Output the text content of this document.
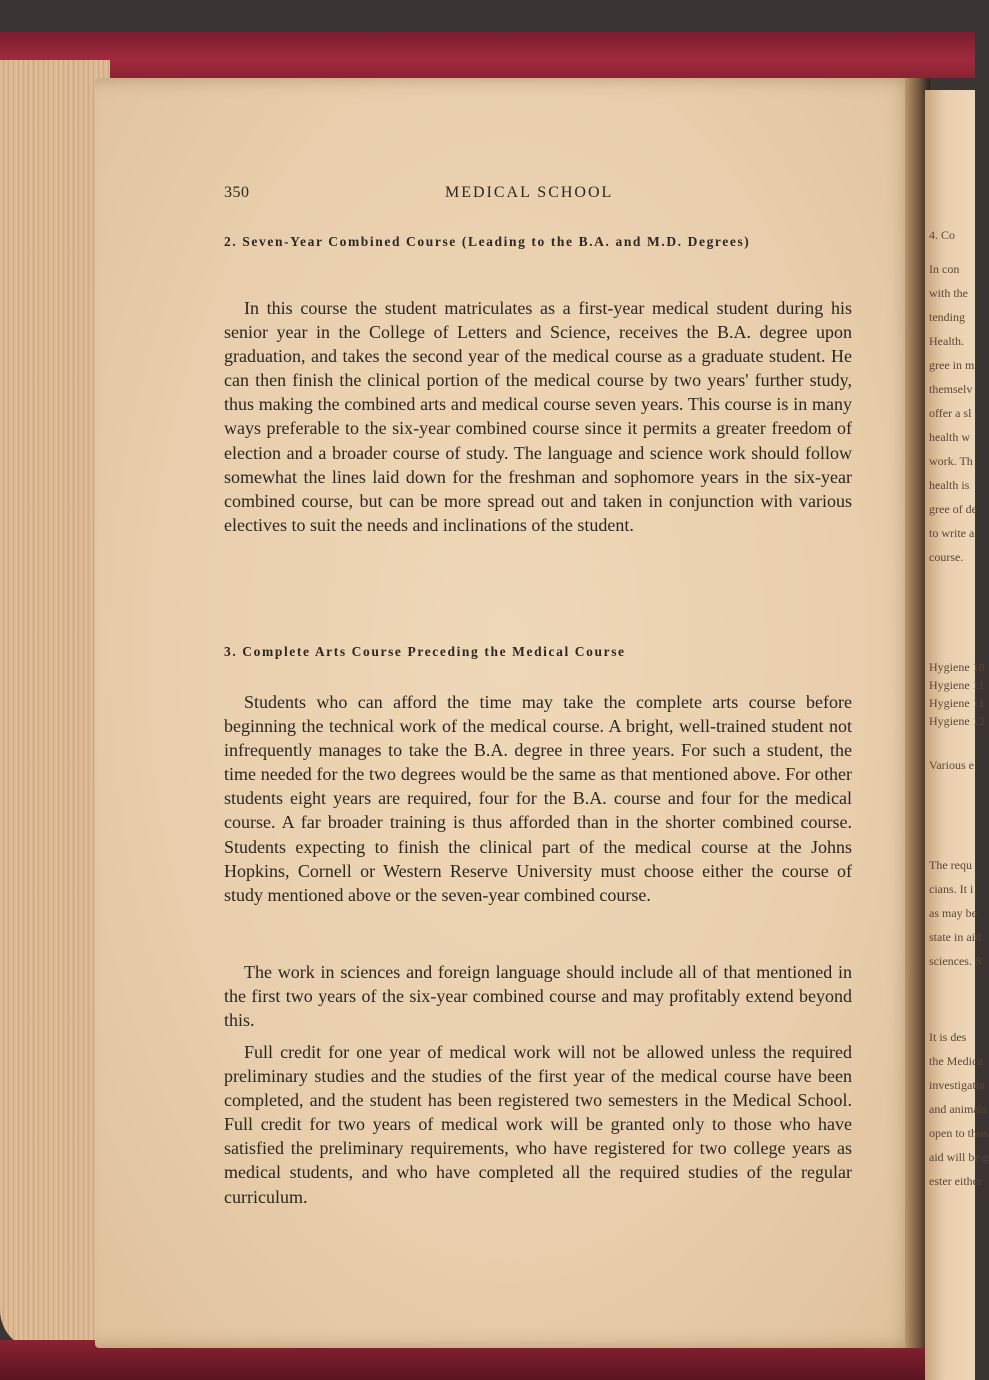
4. Co
In con
with the
tending
Health.
gree in m
themselv
offer a sl
health w
work. Th
health is
gree of de
to write a
course.
Hygiene 10
Hygiene 11
Hygiene 11
Hygiene 12
Various e
The requ
cians. It i
as may be
state in aid
sciences. S
It is des
the Medica
investigatin
and animals
open to thos
aid will be g
ester either
350	MEDICAL SCHOOL
2. Seven-Year Combined Course (Leading to the B.A. and M.D. Degrees)

In this course the student matriculates as a first-year medical student during his senior year in the College of Letters and Science, receives the B.A. degree upon graduation, and takes the second year of the medical course as a graduate student. He can then finish the clinical portion of the medical course by two years' further study, thus making the combined arts and medical course seven years. This course is in many ways preferable to the six-year combined course since it permits a greater freedom of election and a broader course of study. The language and science work should follow somewhat the lines laid down for the freshman and sophomore years in the six-year combined course, but can be more spread out and taken in conjunction with various electives to suit the needs and inclinations of the student.

3. Complete Arts Course Preceding the Medical Course

Students who can afford the time may take the complete arts course before beginning the technical work of the medical course. A bright, well-trained student not infrequently manages to take the B.A. degree in three years. For such a student, the time needed for the two degrees would be the same as that mentioned above. For other students eight years are required, four for the B.A. course and four for the medical course. A far broader training is thus afforded than in the shorter combined course. Students expecting to finish the clinical part of the medical course at the Johns Hopkins, Cornell or Western Reserve University must choose either the course of study mentioned above or the seven-year combined course.

The work in sciences and foreign language should include all of that mentioned in the first two years of the six-year combined course and may profitably extend beyond this.

Full credit for one year of medical work will not be allowed unless the required preliminary studies and the studies of the first year of the medical course have been completed, and the student has been registered two semesters in the Medical School. Full credit for two years of medical work will be granted only to those who have satisfied the preliminary requirements, who have registered for two college years as medical students, and who have completed all the required studies of the regular curriculum.
